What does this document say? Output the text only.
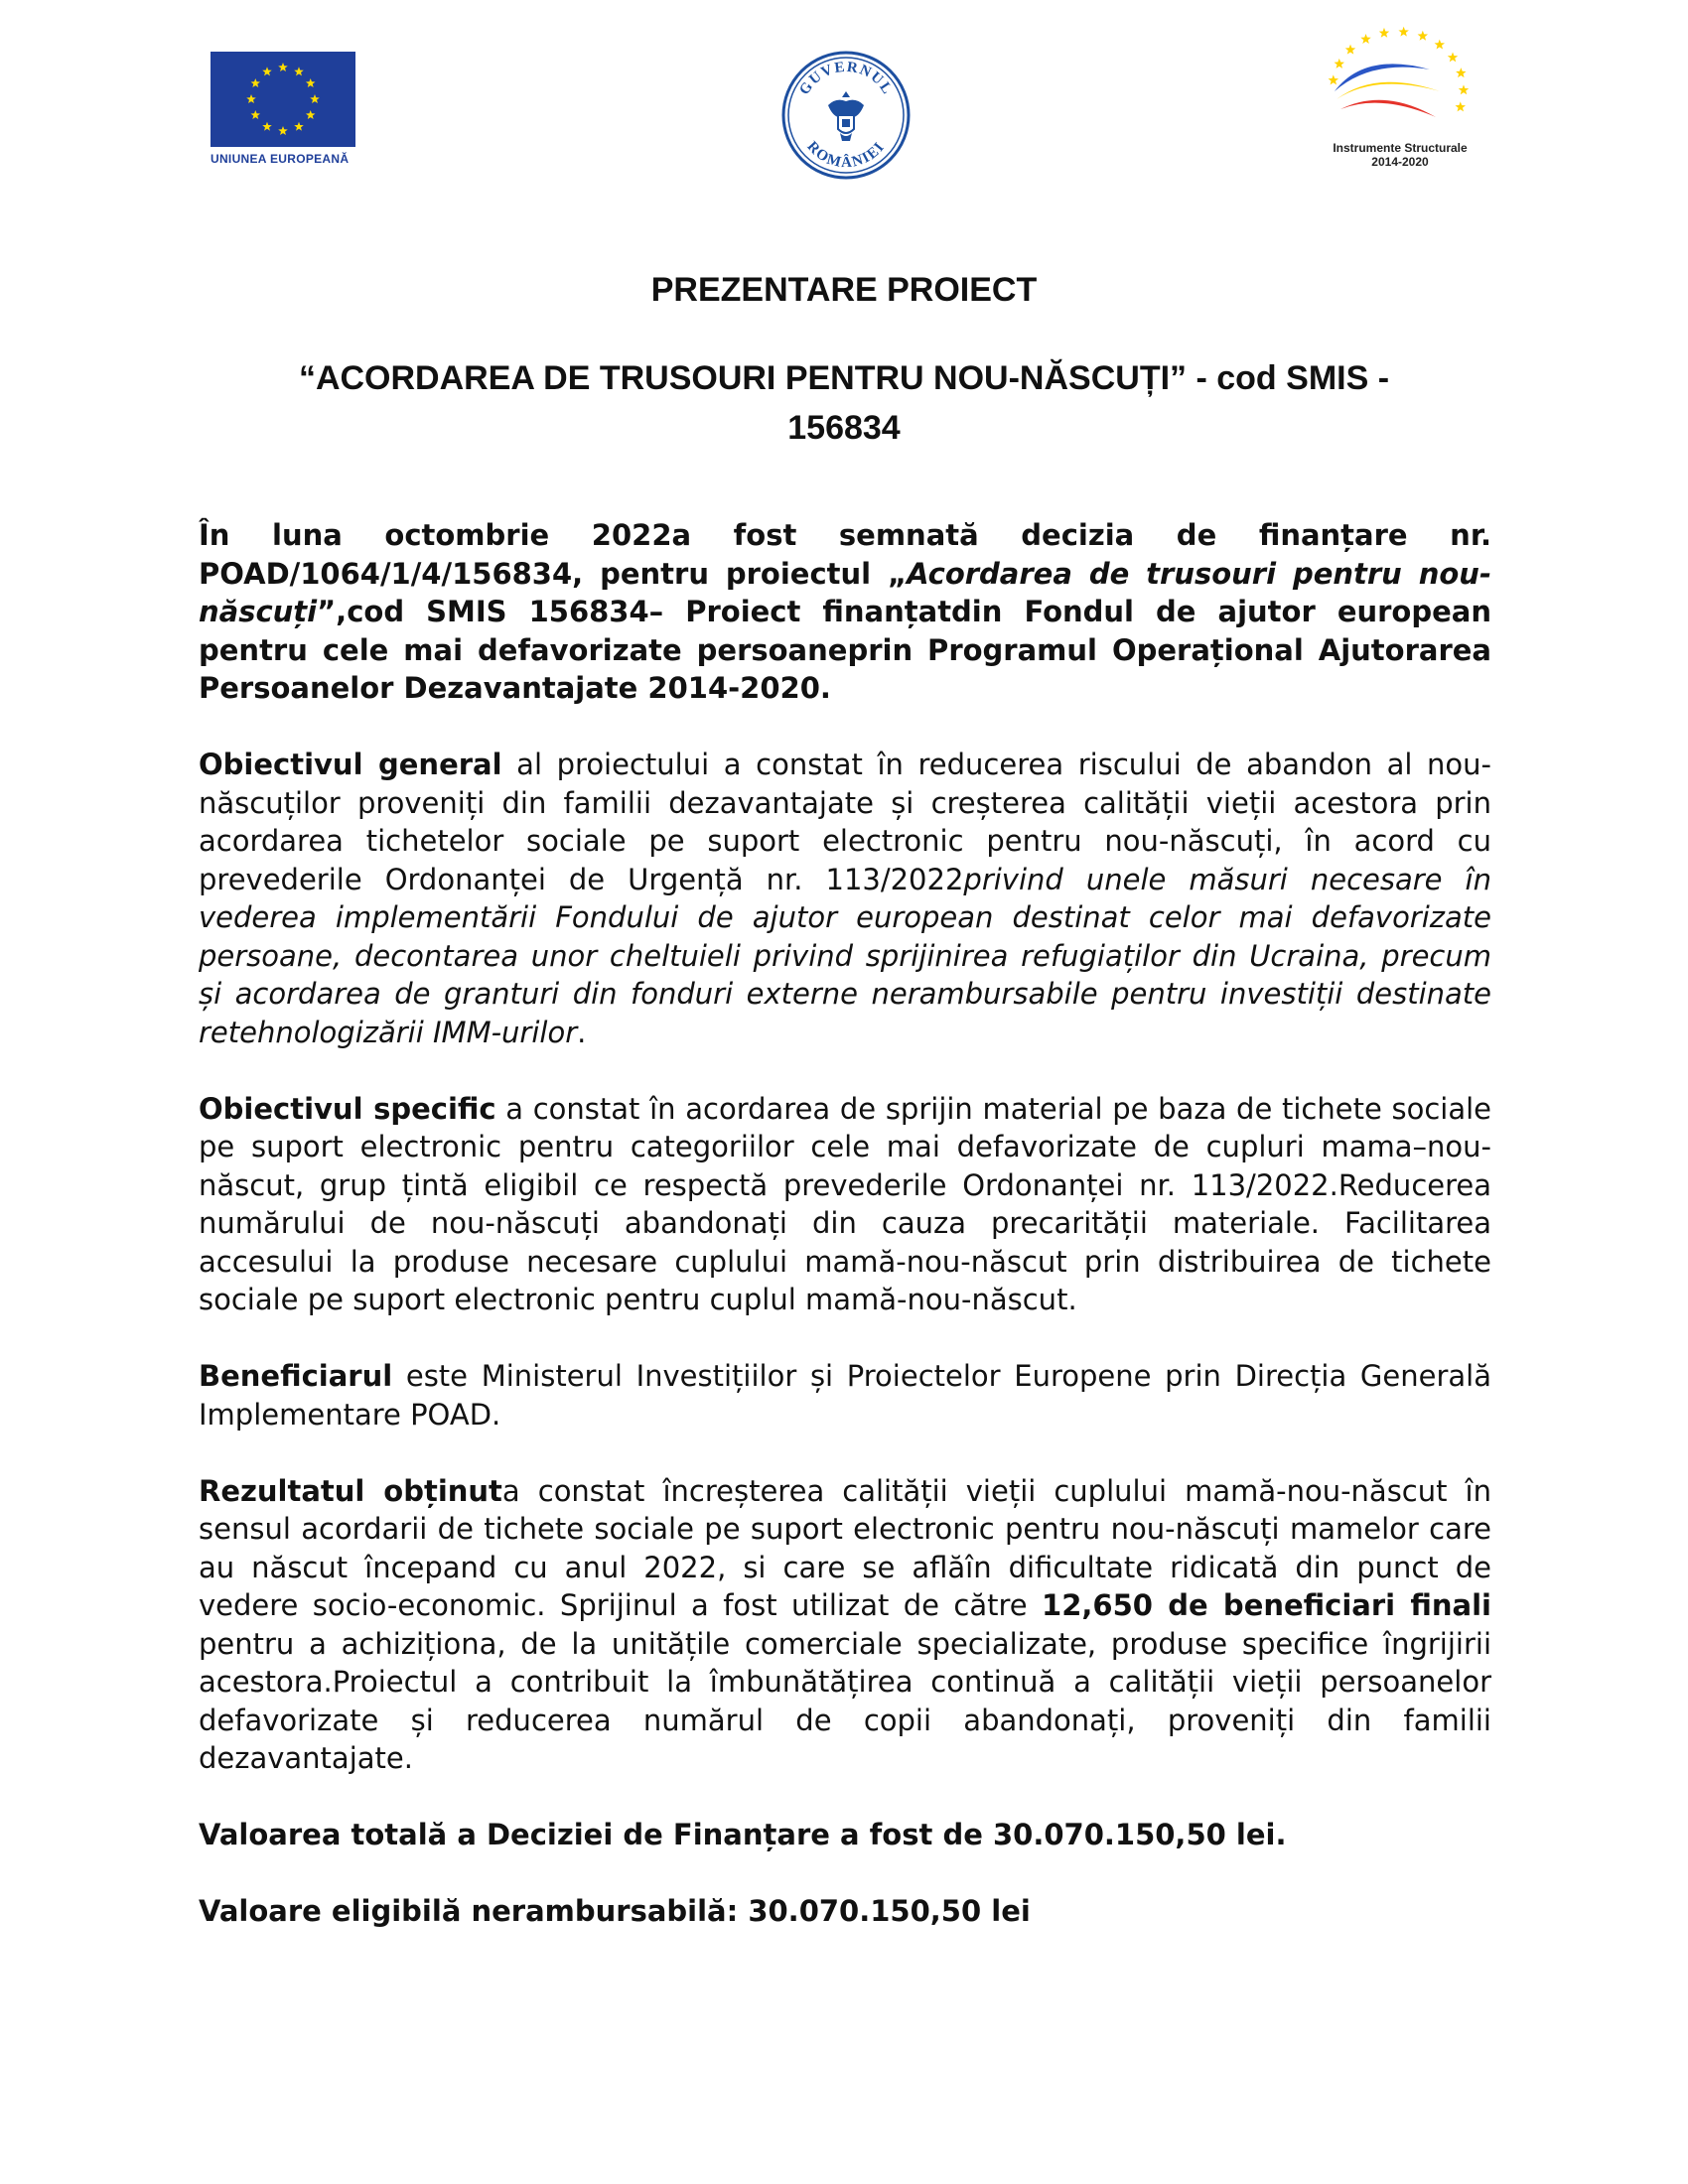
UNIUNEA EUROPEANĂ
GUVERNUL
ROMÂNIEI	Instrumente Structurale
2014-2020
PREZENTARE PROIECT
“ACORDAREA DE TRUSOURI PENTRU NOU-NĂSCUȚI” - cod SMIS - 156834

În luna octombrie 2022a fost semnată decizia de finanțare nr. POAD/1064/1/4/156834, pentru proiectul „Acordarea de trusouri pentru nou-născuți”,cod SMIS 156834– Proiect finanțatdin Fondul de ajutor european pentru cele mai defavorizate persoaneprin Programul Operațional Ajutorarea Persoanelor Dezavantajate 2014-2020.

Obiectivul general al proiectului a constat în reducerea riscului de abandon al nou-născuților proveniți din familii dezavantajate și creșterea calității vieții acestora prin acordarea tichetelor sociale pe suport electronic pentru nou-născuți, în acord cu prevederile Ordonanței de Urgență nr. 113/2022privind unele măsuri necesare în vederea implementării Fondului de ajutor european destinat celor mai defavorizate persoane, decontarea unor cheltuieli privind sprijinirea refugiaților din Ucraina, precum și acordarea de granturi din fonduri externe nerambursabile pentru investiții destinate retehnologizării IMM-urilor.

Obiectivul specific a constat în acordarea de sprijin material pe baza de tichete sociale pe suport electronic pentru categoriilor cele mai defavorizate de cupluri mama–nou-născut, grup țintă eligibil ce respectă prevederile Ordonanței nr. 113/2022.Reducerea numărului de nou-născuți abandonați din cauza precarității materiale. Facilitarea accesului la produse necesare cuplului mamă-nou-născut prin distribuirea de tichete sociale pe suport electronic pentru cuplul mamă-nou-născut.

Beneficiarul este Ministerul Investițiilor și Proiectelor Europene prin Direcția Generală Implementare POAD.

Rezultatul obținuta constat încreșterea calității vieții cuplului mamă-nou-născut în sensul acordarii de tichete sociale pe suport electronic pentru nou-născuți mamelor care au născut începand cu anul 2022, si care se aflăîn dificultate ridicată din punct de vedere socio-economic. Sprijinul a fost utilizat de către 12,650 de beneficiari finali pentru a achiziționa, de la unitățile comerciale specializate, produse specifice îngrijirii acestora.Proiectul a contribuit la îmbunătățirea continuă a calității vieții persoanelor defavorizate și reducerea numărul de copii abandonați, proveniți din familii dezavantajate.

Valoarea totală a Deciziei de Finanțare a fost de 30.070.150,50 lei.

Valoare eligibilă nerambursabilă: 30.070.150,50 lei
